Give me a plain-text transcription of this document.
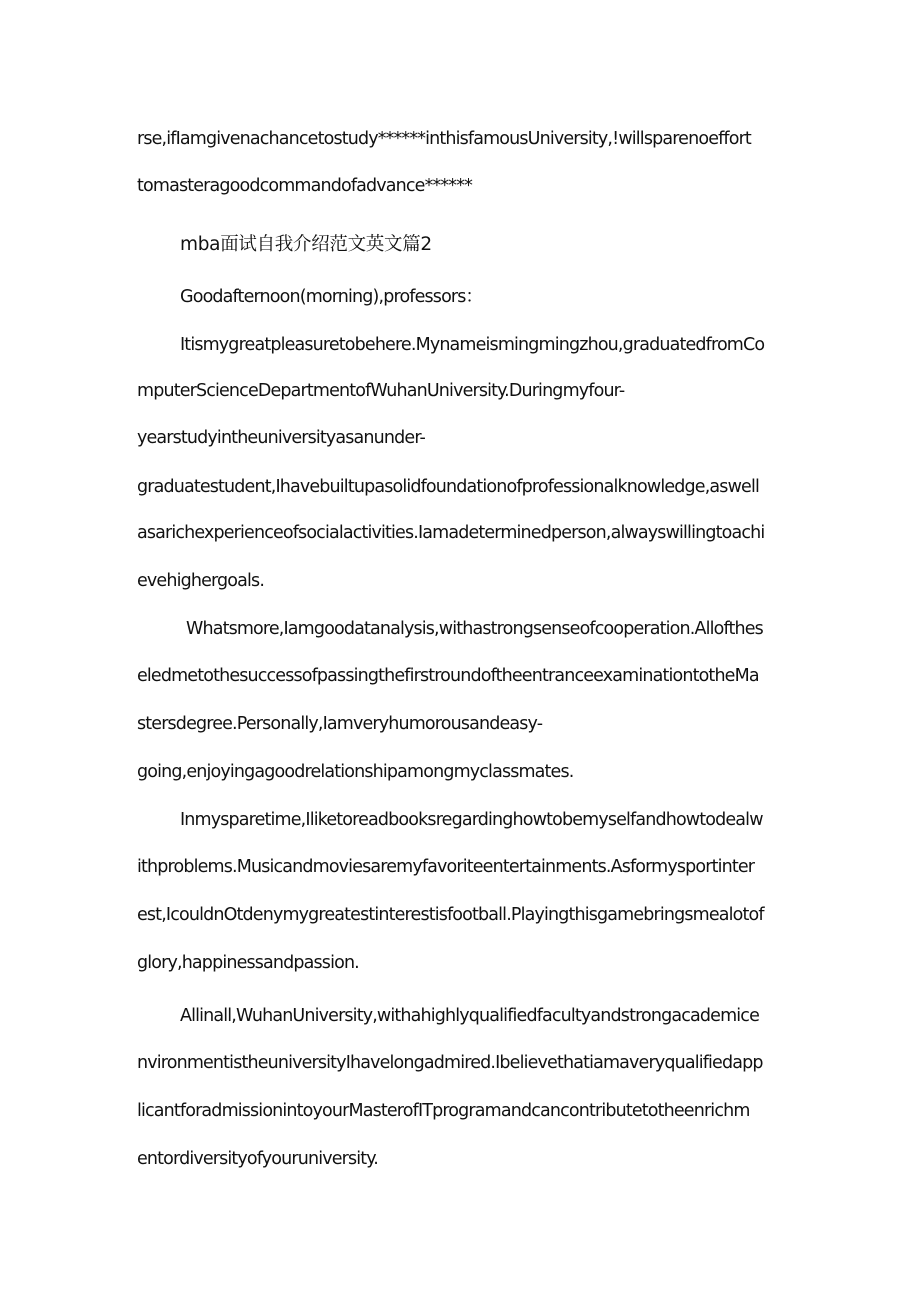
rse,ifIamgivenachancetostudy******inthisfamousUniversity,!willsparenoeffort
tomasteragoodcommandofadvance******
mba面试自我介绍范文英文篇2
Goodafternoon(morning),professors：
Itismygreatpleasuretobehere.Mynameismingmingzhou,graduatedfromCo
mputerScienceDepartmentofWuhanUniversity.Duringmyfour-
yearstudyintheuniversityasanunder-
graduatestudent,Ihavebuiltupasolidfoundationofprofessionalknowledge,aswell
asarichexperienceofsocialactivities.Iamadeterminedperson,alwayswillingtoachi
evehighergoals.
Whatsmore,Iamgoodatanalysis,withastrongsenseofcooperation.Allofthes
eledmetothesuccessofpassingthefirstroundoftheentranceexaminationtotheMa
stersdegree.Personally,Iamveryhumorousandeasy-
going,enjoyingagoodrelationshipamongmyclassmates.
Inmysparetime,Iliketoreadbooksregardinghowtobemyselfandhowtodealw
ithproblems.Musicandmoviesaremyfavoriteentertainments.Asformysportinter
est,IcouldnOtdenymygreatestinterestisfootball.Playingthisgamebringsmealotof
glory,happinessandpassion.
Allinall,WuhanUniversity,withahighlyqualifiedfacultyandstrongacademice
nvironmentistheuniversityIhavelongadmired.Ibelievethatiamaveryqualifiedapp
licantforadmissionintoyourMasterofITprogramandcancontributetotheenrichm
entordiversityofyouruniversity.
